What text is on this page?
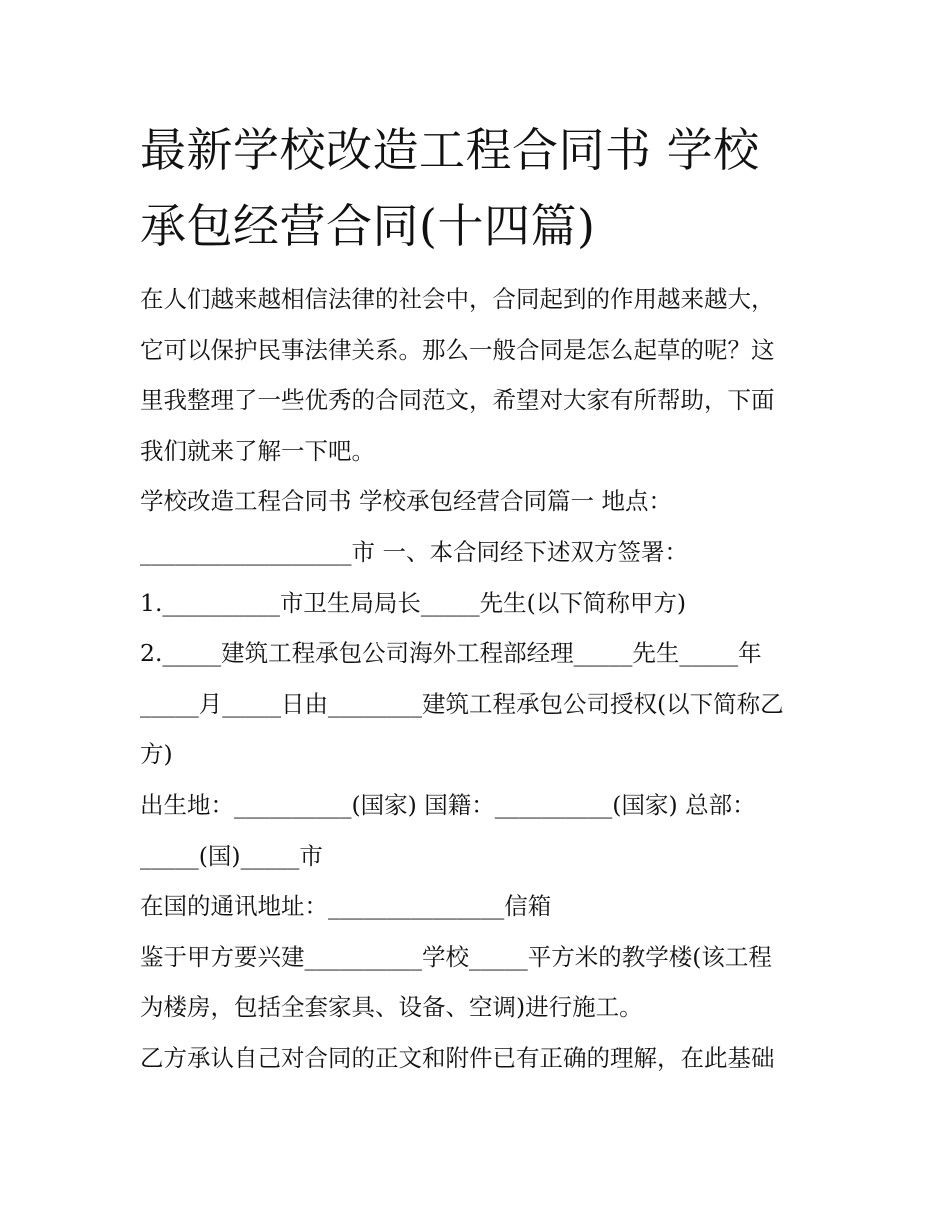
最新学校改造工程合同书 学校
承包经营合同(十四篇)
在人们越来越相信法律的社会中，合同起到的作用越来越大，
它可以保护民事法律关系。那么一般合同是怎么起草的呢？这
里我整理了一些优秀的合同范文，希望对大家有所帮助，下面
我们就来了解一下吧。
学校改造工程合同书 学校承包经营合同篇一 地点：
__________________市 一、本合同经下述双方签署：
1.__________市卫生局局长_____先生(以下简称甲方)
2._____建筑工程承包公司海外工程部经理_____先生_____年
_____月_____日由________建筑工程承包公司授权(以下简称乙
方)
出生地：__________(国家) 国籍：__________(国家) 总部：
_____(国)_____市
在国的通讯地址：_______________信箱
鉴于甲方要兴建__________学校_____平方米的教学楼(该工程
为楼房，包括全套家具、设备、空调)进行施工。
乙方承认自己对合同的正文和附件已有正确的理解，在此基础
